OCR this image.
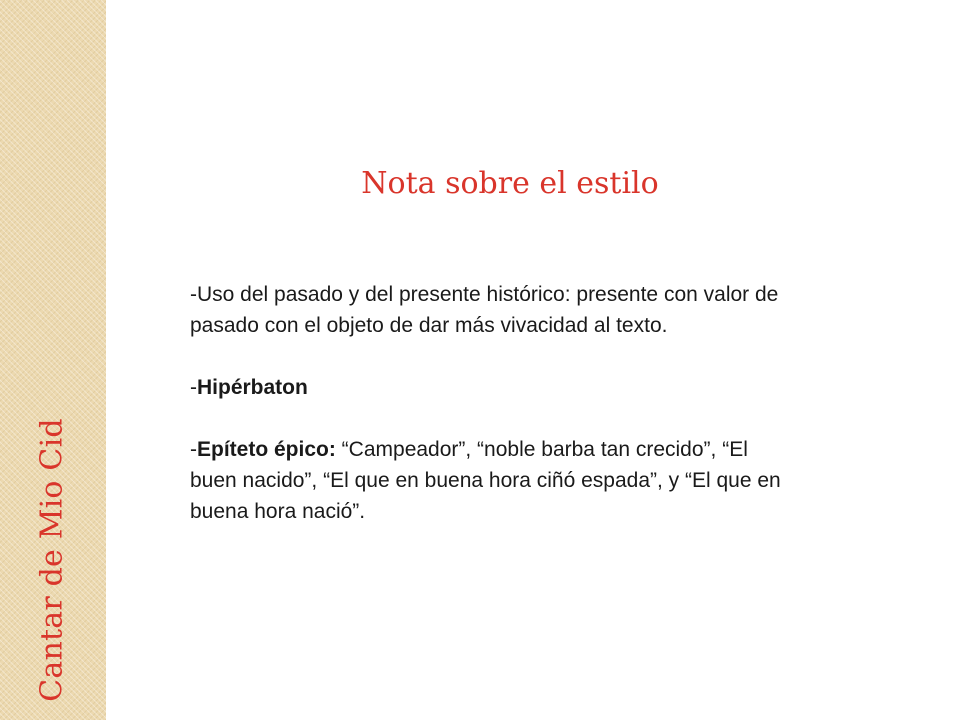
Cantar de Mio Cid
Nota sobre el estilo

-Uso del pasado y del presente histórico: presente con valor de pasado con el objeto de dar más vivacidad al texto.

-Hipérbaton

-Epíteto épico: “Campeador”, “noble barba tan crecido”, “El buen nacido”, “El que en buena hora ciñó espada”, y “El que en buena hora nació”.
